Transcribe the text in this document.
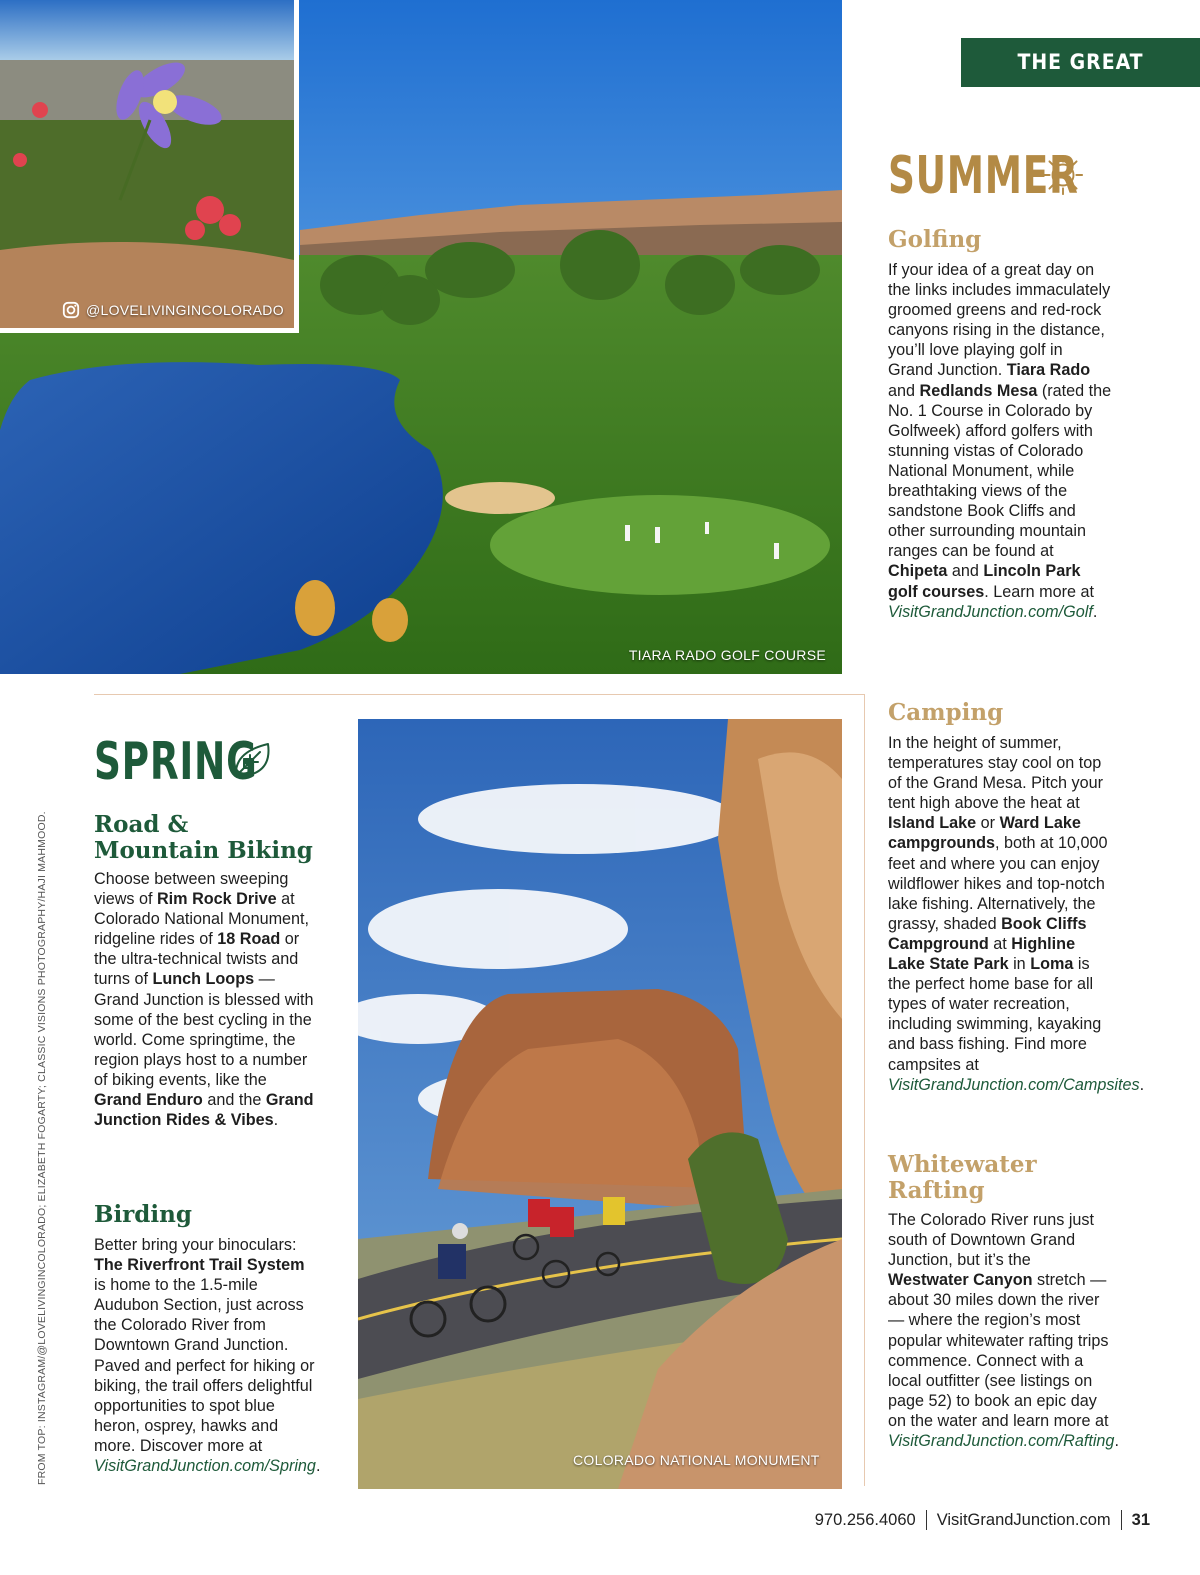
TIARA RADO GOLF COURSE
@LOVELIVINGINCOLORADO
COLORADO NATIONAL MONUMENT
THE GREAT OUTDOORS
SUMMER
Golfing
If your idea of a great day on the links includes immaculately groomed greens and red-rock canyons rising in the distance, you’ll love playing golf in Grand Junction. Tiara Rado and Redlands Mesa (rated the No. 1 Course in Colorado by Golfweek) afford golfers with stunning vistas of Colorado National Monument, while breathtaking views of the sandstone Book Cliffs and other surrounding mountain ranges can be found at Chipeta and Lincoln Park golf courses. Learn more at VisitGrandJunction.com/Golf.
Camping
In the height of summer, temperatures stay cool on top of the Grand Mesa. Pitch your tent high above the heat at Island Lake or Ward Lake campgrounds, both at 10,000 feet and where you can enjoy wildflower hikes and top-notch lake fishing. Alternatively, the grassy, shaded Book Cliffs Campground at Highline Lake State Park in Loma is the perfect home base for all types of water recreation, including swimming, kayaking and bass fishing. Find more campsites at VisitGrandJunction.com/Campsites.
Whitewater Rafting
The Colorado River runs just south of Downtown Grand Junction, but it’s the Westwater Canyon stretch — about 30 miles down the river — where the region’s most popular whitewater rafting trips commence. Connect with a local outfitter (see listings on page 52) to book an epic day on the water and learn more at VisitGrandJunction.com/Rafting.
SPRING
Road & Mountain Biking
Choose between sweeping views of Rim Rock Drive at Colorado National Monument, ridgeline rides of 18 Road or the ultra-technical twists and turns of Lunch Loops — Grand Junction is blessed with some of the best cycling in the world. Come springtime, the region plays host to a number of biking events, like the Grand Enduro and the Grand Junction Rides & Vibes.
Birding
Better bring your binoculars: The Riverfront Trail System is home to the 1.5-mile Audubon Section, just across the Colorado River from Downtown Grand Junction. Paved and perfect for hiking or biking, the trail offers delightful opportunities to spot blue heron, osprey, hawks and more. Discover more at VisitGrandJunction.com/Spring.
FROM TOP: INSTAGRAM/@LOVELIVINGINCOLORADO; ELIZABETH FOGARTY; CLASSIC VISIONS PHOTOGRAPHY/HAJI MAHMOOD.
970.256.4060 VisitGrandJunction.com 31
